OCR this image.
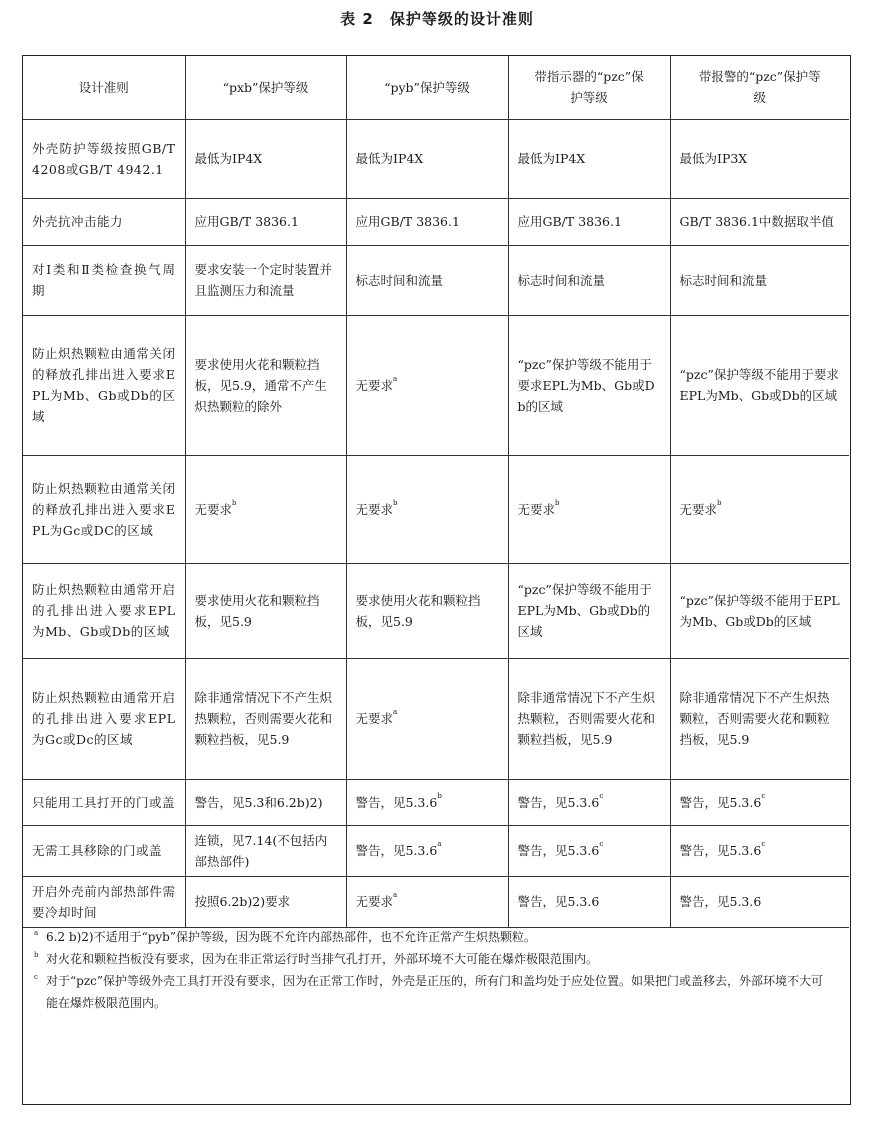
表 2　保护等级的设计准则
设计准则	“pxb”保护等级	“pyb”保护等级	带指示器的“pzc”保护等级	带报警的“pzc”保护等级
外壳防护等级按照GB/T 4208或GB/T 4942.1	最低为IP4X	最低为IP4X	最低为IP4X	最低为IP3X
外壳抗冲击能力	应用GB/T 3836.1	应用GB/T 3836.1	应用GB/T 3836.1	GB/T 3836.1中数据取半值
对Ⅰ类和Ⅱ类检查换气周期	要求安装一个定时装置并且监测压力和流量	标志时间和流量	标志时间和流量	标志时间和流量
防止炽热颗粒由通常关闭的释放孔排出进入要求EPL为Mb、Gb或Db的区域	要求使用火花和颗粒挡板，见5.9，通常不产生炽热颗粒的除外	无要求$^a$	“pzc”保护等级不能用于要求EPL为Mb、Gb或Db的区域	“pzc”保护等级不能用于要求EPL为Mb、Gb或Db的区域
防止炽热颗粒由通常关闭的释放孔排出进入要求EPL为Gc或DC的区域	无要求$^b$	无要求$^b$	无要求$^b$	无要求$^b$
防止炽热颗粒由通常开启的孔排出进入要求EPL为Mb、Gb或Db的区域	要求使用火花和颗粒挡板，见5.9	要求使用火花和颗粒挡板，见5.9	“pzc”保护等级不能用于EPL为Mb、Gb或Db的区域	“pzc”保护等级不能用于EPL为Mb、Gb或Db的区域
防止炽热颗粒由通常开启的孔排出进入要求EPL为Gc或Dc的区域	除非通常情况下不产生炽热颗粒，否则需要火花和颗粒挡板，见5.9	无要求$^a$	除非通常情况下不产生炽热颗粒，否则需要火花和颗粒挡板，见5.9	除非通常情况下不产生炽热颗粒，否则需要火花和颗粒挡板，见5.9
只能用工具打开的门或盖	警告，见5.3和6.2b)2)	警告，见5.3.6$^b$	警告，见5.3.6$^c$	警告，见5.3.6$^c$
无需工具移除的门或盖	连锁，见7.14(不包括内部热部件)	警告，见5.3.6$^a$	警告，见5.3.6$^c$	警告，见5.3.6$^c$
开启外壳前内部热部件需要冷却时间	按照6.2b)2)要求	无要求$^a$	警告，见5.3.6	警告，见5.3.6
a 6.2 b)2)不适用于“pyb”保护等级，因为既不允许内部热部件，也不允许正常产生炽热颗粒。
b 对火花和颗粒挡板没有要求，因为在非正常运行时当排气孔打开，外部环境不大可能在爆炸极限范围内。
c 对于“pzc”保护等级外壳工具打开没有要求，因为在正常工作时，外壳是正压的，所有门和盖均处于应处位置。如果把门或盖移去，外部环境不大可能在爆炸极限范围内。
